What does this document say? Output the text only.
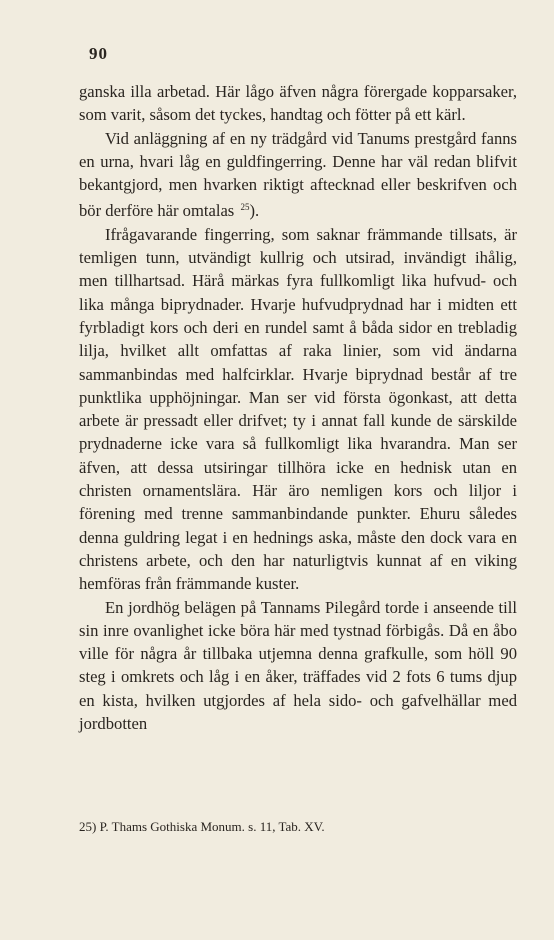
90

ganska illa arbetad. Här lågo äfven några förergade kopparsaker, som varit, såsom det tyckes, handtag och fötter på ett kärl.

Vid anläggning af en ny trädgård vid Tanums prestgård fanns en urna, hvari låg en guldfingerring. Denne har väl redan blifvit bekantgjord, men hvarken riktigt aftecknad eller beskrifven och bör derföre här omtalas $^{25}$).

Ifrågavarande fingerring, som saknar främmande tillsats, är temligen tunn, utvändigt kullrig och utsirad, invändigt ihålig, men tillhartsad. Härå märkas fyra fullkomligt lika hufvud- och lika många biprydnader. Hvarje hufvudprydnad har i midten ett fyrbladigt kors och deri en rundel samt å båda sidor en trebladig lilja, hvilket allt omfattas af raka linier, som vid ändarna sammanbindas med halfcirklar. Hvarje biprydnad består af tre punktlika upphöjningar. Man ser vid första ögonkast, att detta arbete är pressadt eller drifvet; ty i annat fall kunde de särskilde prydnaderne icke vara så fullkomligt lika hvarandra. Man ser äfven, att dessa utsiringar tillhöra icke en hednisk utan en christen ornamentslära. Här äro nemligen kors och liljor i förening med trenne sammanbindande punkter. Ehuru således denna guldring legat i en hednings aska, måste den dock vara en christens arbete, och den har naturligtvis kunnat af en viking hemföras från främmande kuster.

En jordhög belägen på Tannams Pilegård torde i anseende till sin inre ovanlighet icke böra här med tystnad förbigås. Då en åbo ville för några år tillbaka utjemna denna grafkulle, som höll 90 steg i omkrets och låg i en åker, träffades vid 2 fots 6 tums djup en kista, hvilken utgjordes af hela sido- och gafvelhällar med jordbotten

25) P. Thams Gothiska Monum. s. 11, Tab. XV.
